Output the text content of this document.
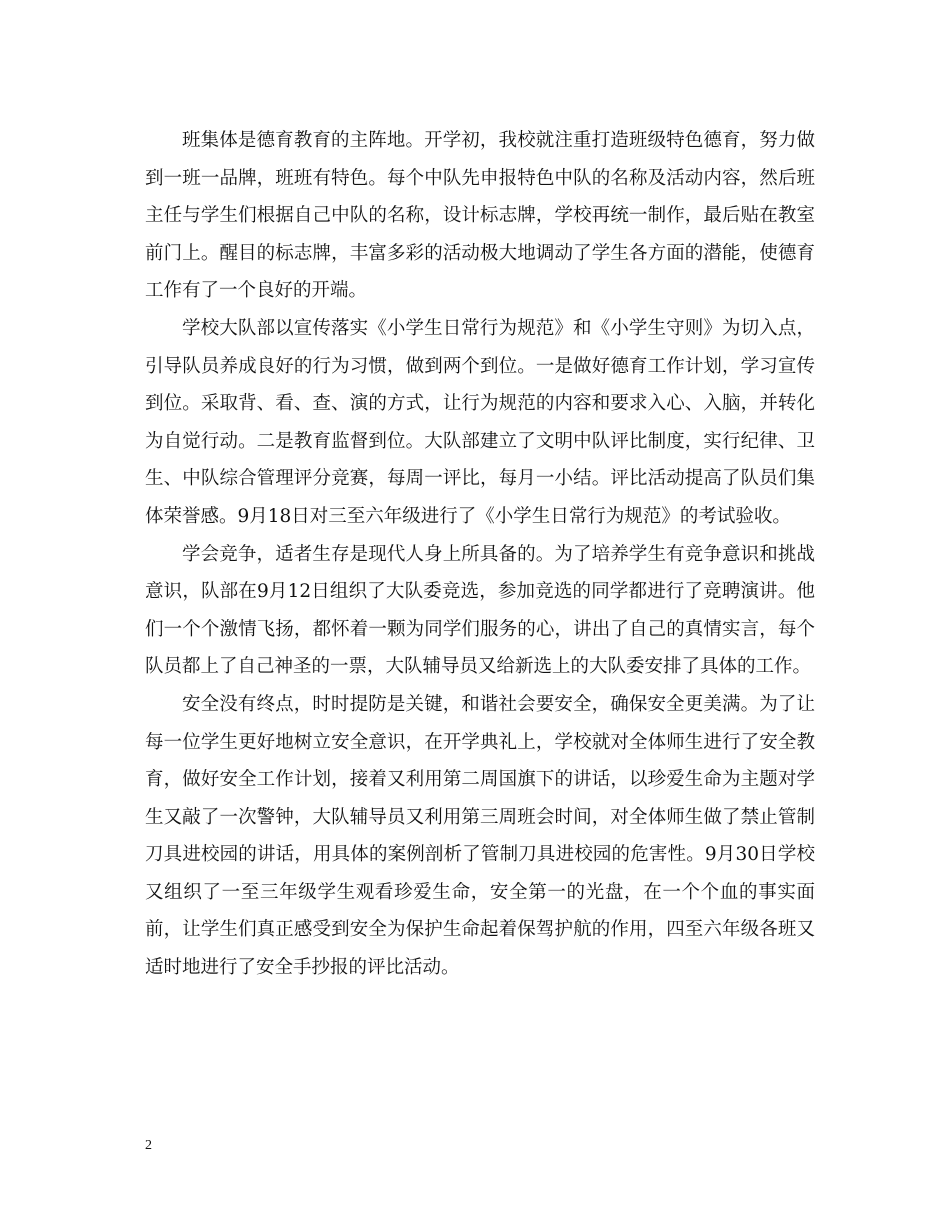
班集体是德育教育的主阵地。开学初，我校就注重打造班级特色德育，努力做到一班一品牌，班班有特色。每个中队先申报特色中队的名称及活动内容，然后班主任与学生们根据自己中队的名称，设计标志牌，学校再统一制作，最后贴在教室前门上。醒目的标志牌，丰富多彩的活动极大地调动了学生各方面的潜能，使德育工作有了一个良好的开端。

学校大队部以宣传落实《小学生日常行为规范》和《小学生守则》为切入点，引导队员养成良好的行为习惯，做到两个到位。一是做好德育工作计划，学习宣传到位。采取背、看、查、演的方式，让行为规范的内容和要求入心、入脑，并转化为自觉行动。二是教育监督到位。大队部建立了文明中队评比制度，实行纪律、卫生、中队综合管理评分竞赛，每周一评比，每月一小结。评比活动提高了队员们集体荣誉感。9月18日对三至六年级进行了《小学生日常行为规范》的考试验收。

学会竞争，适者生存是现代人身上所具备的。为了培养学生有竞争意识和挑战意识，队部在9月12日组织了大队委竞选，参加竞选的同学都进行了竞聘演讲。他们一个个激情飞扬，都怀着一颗为同学们服务的心，讲出了自己的真情实言，每个队员都上了自己神圣的一票，大队辅导员又给新选上的大队委安排了具体的工作。

安全没有终点，时时提防是关键，和谐社会要安全，确保安全更美满。为了让每一位学生更好地树立安全意识，在开学典礼上，学校就对全体师生进行了安全教育，做好安全工作计划，接着又利用第二周国旗下的讲话，以珍爱生命为主题对学生又敲了一次警钟，大队辅导员又利用第三周班会时间，对全体师生做了禁止管制刀具进校园的讲话，用具体的案例剖析了管制刀具进校园的危害性。9月30日学校又组织了一至三年级学生观看珍爱生命，安全第一的光盘，在一个个血的事实面前，让学生们真正感受到安全为保护生命起着保驾护航的作用，四至六年级各班又适时地进行了安全手抄报的评比活动。

2
